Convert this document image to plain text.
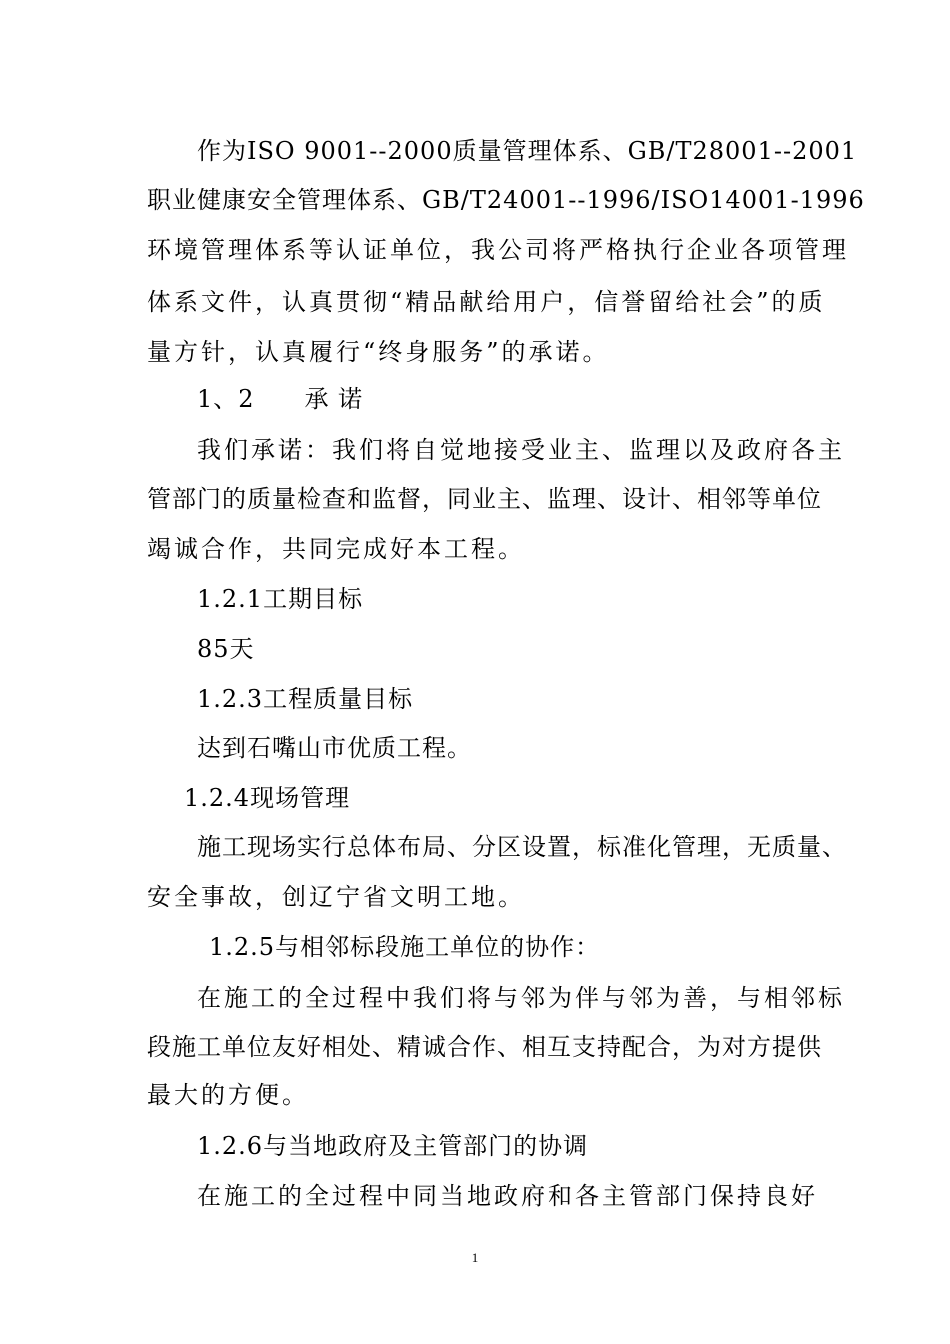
作为ISO 9001--2000质量管理体系、GB/T28001--2001
职业健康安全管理体系、GB/T24001--1996/ISO14001-1996
环境管理体系等认证单位，我公司将严格执行企业各项管理
体系文件，认真贯彻“精品献给用户，信誉留给社会”的质
量方针，认真履行“终身服务”的承诺。
1、2　　承 诺
我们承诺：我们将自觉地接受业主、监理以及政府各主
管部门的质量检查和监督，同业主、监理、设计、相邻等单位
竭诚合作，共同完成好本工程。
1.2.1工期目标
85天
1.2.3工程质量目标
达到石嘴山市优质工程。
1.2.4现场管理
施工现场实行总体布局、分区设置，标准化管理，无质量、
安全事故，创辽宁省文明工地。
1.2.5与相邻标段施工单位的协作：
在施工的全过程中我们将与邻为伴与邻为善，与相邻标
段施工单位友好相处、精诚合作、相互支持配合，为对方提供
最大的方便。
1.2.6与当地政府及主管部门的协调
在施工的全过程中同当地政府和各主管部门保持良好
1
